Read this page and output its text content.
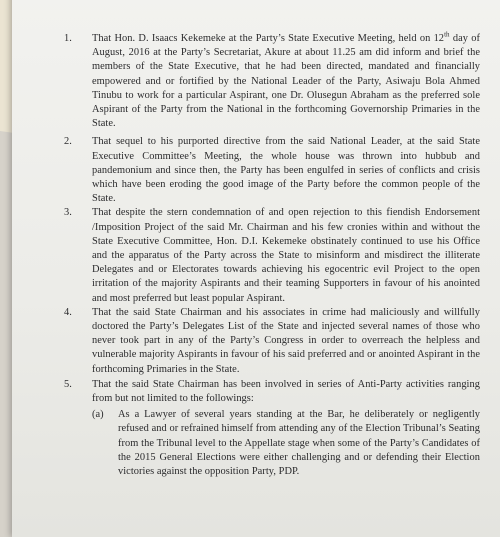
1. That Hon. D. Isaacs Kekemeke at the Party’s State Executive Meeting, held on 12th day of August, 2016 at the Party’s Secretariat, Akure at about 11.25 am did inform and brief the members of the State Executive, that he had been directed, mandated and financially empowered and or fortified by the National Leader of the Party, Asiwaju Bola Ahmed Tinubu to work for a particular Aspirant, one Dr. Olusegun Abraham as the preferred sole Aspirant of the Party from the National in the forthcoming Governorship Primaries in the State.
2. That sequel to his purported directive from the said National Leader, at the said State Executive Committee’s Meeting, the whole house was thrown into hubbub and pandemonium and since then, the Party has been engulfed in series of conflicts and crisis which have been eroding the good image of the Party before the common people of the State.
3. That despite the stern condemnation of and open rejection to this fiendish Endorsement /Imposition Project of the said Mr. Chairman and his few cronies within and without the State Executive Committee, Hon. D.I. Kekemeke obstinately continued to use his Office and the apparatus of the Party across the State to misinform and misdirect the illiterate Delegates and or Electorates towards achieving his egocentric evil Project to the open irritation of the majority Aspirants and their teaming Supporters in favour of his anointed and most preferred but least popular Aspirant.
4. That the said State Chairman and his associates in crime had maliciously and willfully doctored the Party’s Delegates List of the State and injected several names of those who never took part in any of the Party’s Congress in order to overreach the helpless and vulnerable majority Aspirants in favour of his said preferred and or anointed Aspirant in the forthcoming Primaries in the State.
5. That the said State Chairman has been involved in series of Anti-Party activities ranging from but not limited to the followings:
(a) As a Lawyer of several years standing at the Bar, he deliberately or negligently refused and or refrained himself from attending any of the Election Tribunal’s Seating from the Tribunal level to the Appellate stage when some of the Party’s Candidates of the 2015 General Elections were either challenging and or defending their Election victories against the opposition Party, PDP.
